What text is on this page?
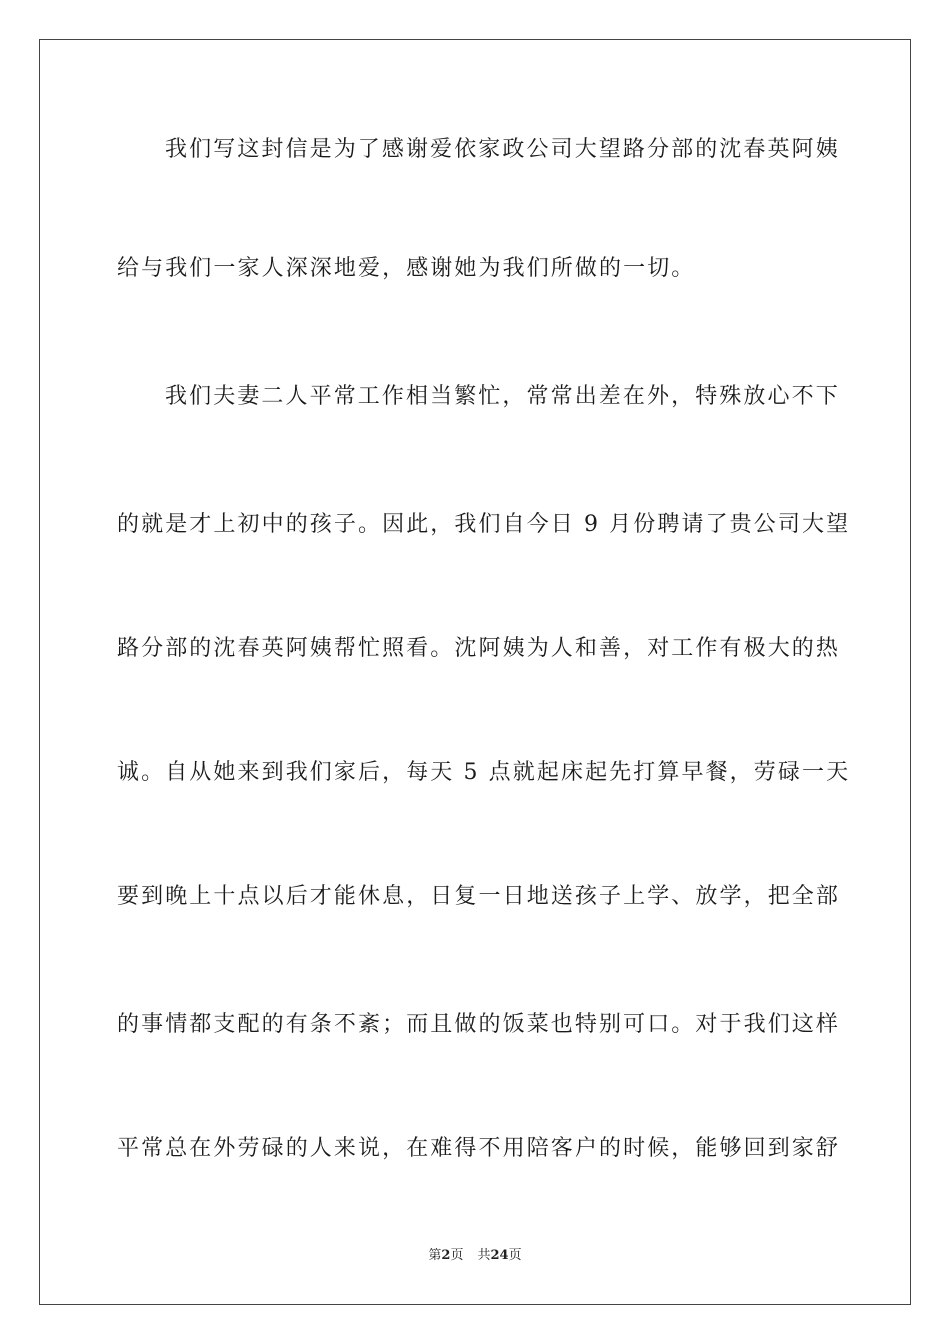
我们写这封信是为了感谢爱依家政公司大望路分部的沈春英阿姨
给与我们一家人深深地爱，感谢她为我们所做的一切。
我们夫妻二人平常工作相当繁忙，常常出差在外，特殊放心不下
的就是才上初中的孩子。因此，我们自今日 9 月份聘请了贵公司大望
路分部的沈春英阿姨帮忙照看。沈阿姨为人和善，对工作有极大的热
诚。自从她来到我们家后，每天 5 点就起床起先打算早餐，劳碌一天
要到晚上十点以后才能休息，日复一日地送孩子上学、放学，把全部
的事情都支配的有条不紊；而且做的饭菜也特别可口。对于我们这样
平常总在外劳碌的人来说，在难得不用陪客户的时候，能够回到家舒
第2页 共24页
